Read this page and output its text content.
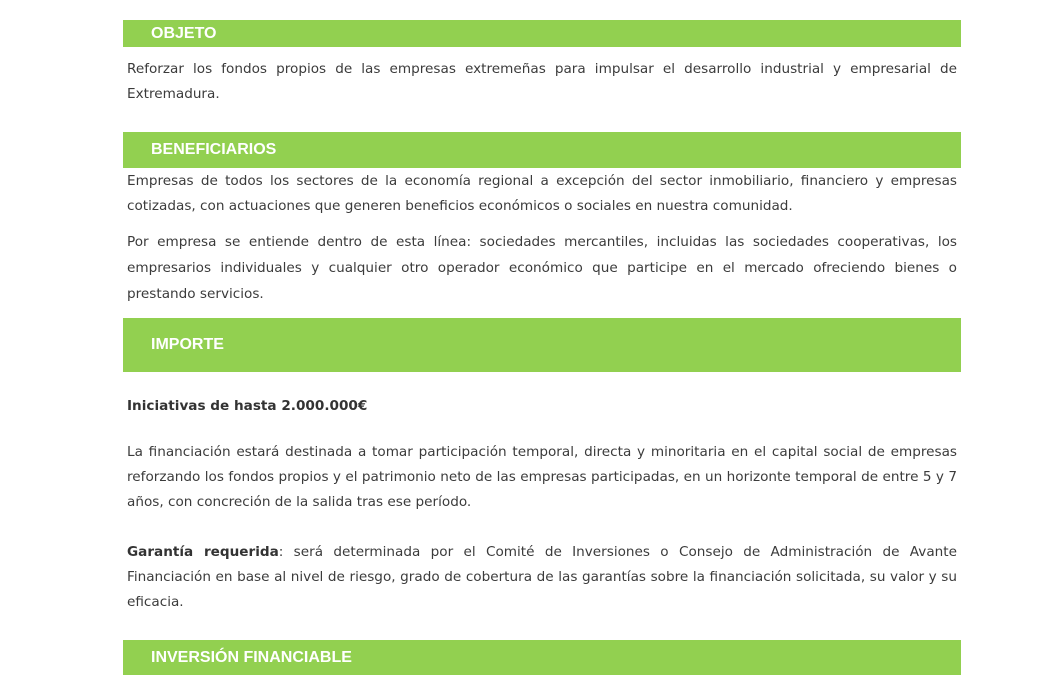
OBJETO

Reforzar los fondos propios de las empresas extremeñas para impulsar el desarrollo industrial y empresarial de Extremadura.

BENEFICIARIOS

Empresas de todos los sectores de la economía regional a excepción del sector inmobiliario, financiero y empresas cotizadas, con actuaciones que generen beneficios económicos o sociales en nuestra comunidad.

Por empresa se entiende dentro de esta línea: sociedades mercantiles, incluidas las sociedades cooperativas, los empresarios individuales y cualquier otro operador económico que participe en el mercado ofreciendo bienes o prestando servicios.

IMPORTE

Iniciativas de hasta 2.000.000€

La financiación estará destinada a tomar participación temporal, directa y minoritaria en el capital social de empresas reforzando los fondos propios y el patrimonio neto de las empresas participadas, en un horizonte temporal de entre 5 y 7 años, con concreción de la salida tras ese período.

Garantía requerida: será determinada por el Comité de Inversiones o Consejo de Administración de Avante Financiación en base al nivel de riesgo, grado de cobertura de las garantías sobre la financiación solicitada, su valor y su eficacia.

INVERSIÓN FINANCIABLE
